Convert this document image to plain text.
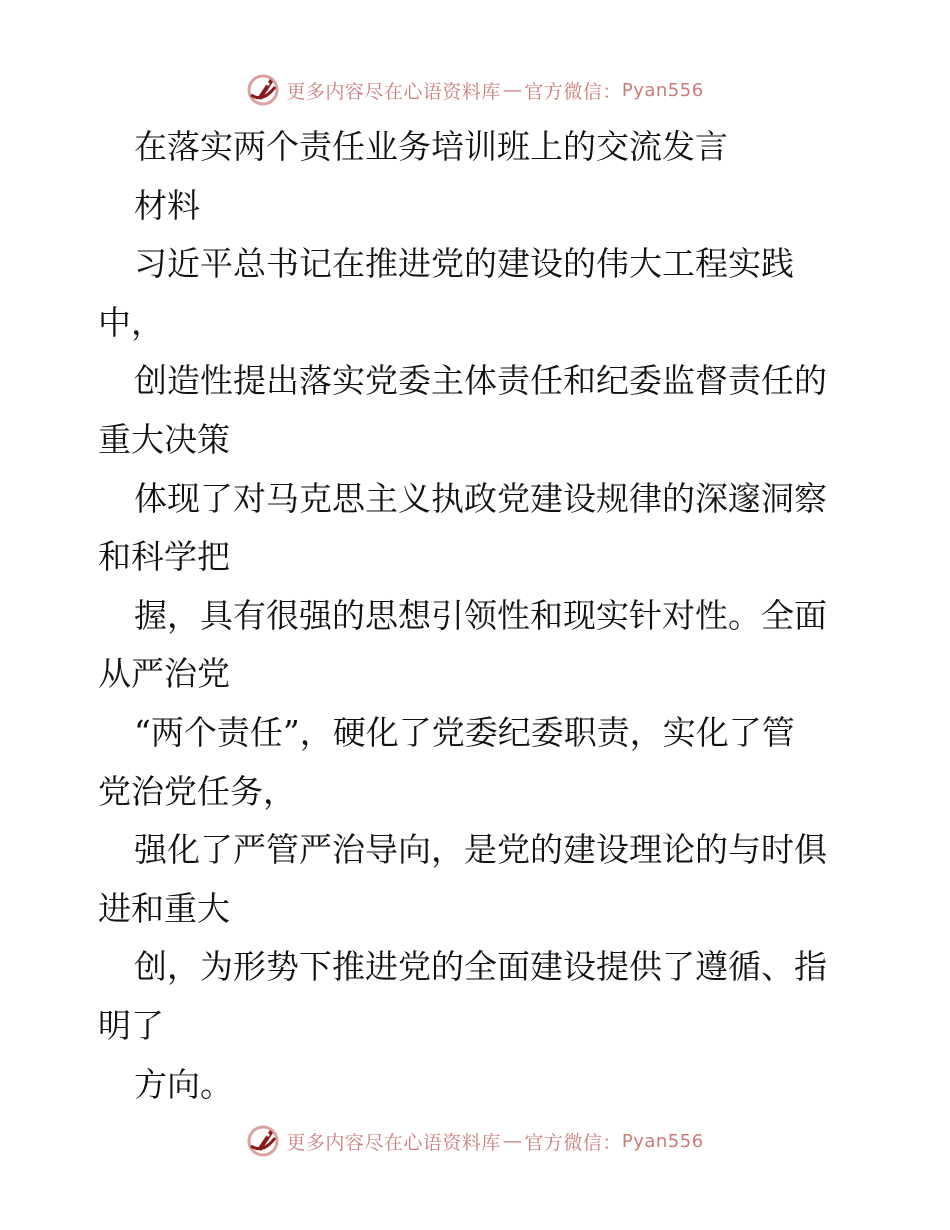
更多内容尽在心语资料库 — 官方微信： Pyan556
在落实两个责任业务培训班上的交流发言
材料
习近平总书记在推进党的建设的伟大工程实践
中，
创造性提出落实党委主体责任和纪委监督责任的
重大决策
体现了对马克思主义执政党建设规律的深邃洞察
和科学把
握，具有很强的思想引领性和现实针对性。全面
从严治党
“两个责任”，硬化了党委纪委职责，实化了管
党治党任务，
强化了严管严治导向，是党的建设理论的与时俱
进和重大
创，为形势下推进党的全面建设提供了遵循、指
明了
方向。
更多内容尽在心语资料库 — 官方微信： Pyan556
